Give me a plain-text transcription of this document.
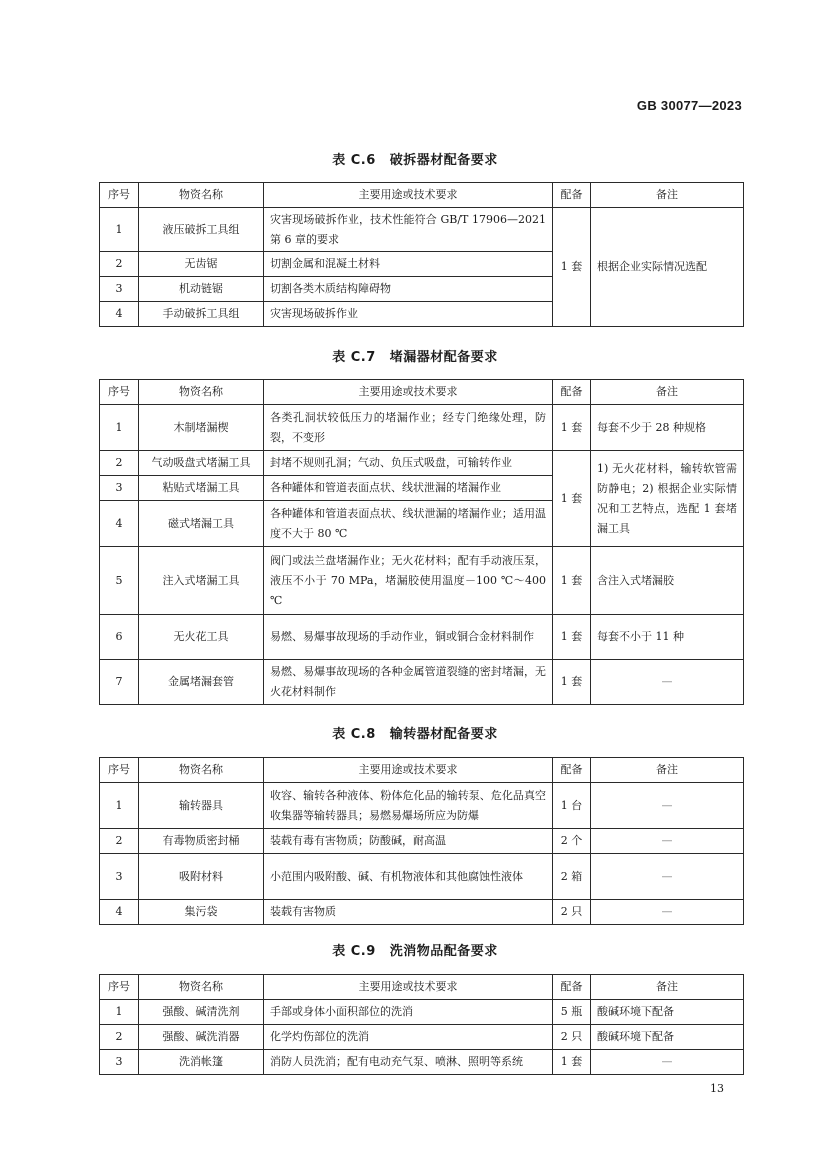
GB 30077—2023
表 C.6 破拆器材配备要求
序号	物资名称	主要用途或技术要求	配备	备注
1	液压破拆工具组	灾害现场破拆作业，技术性能符合 GB/T 17906—2021 第 6 章的要求	1 套	根据企业实际情况选配
2	无齿锯	切割金属和混凝土材料		
3	机动链锯	切割各类木质结构障碍物		
4	手动破拆工具组	灾害现场破拆作业		
表 C.7 堵漏器材配备要求
序号	物资名称	主要用途或技术要求	配备	备注
1	木制堵漏楔	各类孔洞状较低压力的堵漏作业；经专门绝缘处理，防裂，不变形	1 套	每套不少于 28 种规格
2	气动吸盘式堵漏工具	封堵不规则孔洞；气动、负压式吸盘，可输转作业	1 套	1) 无火花材料，输转软管需防静电；2) 根据企业实际情况和工艺特点，选配 1 套堵漏工具
3	粘贴式堵漏工具	各种罐体和管道表面点状、线状泄漏的堵漏作业		
4	磁式堵漏工具	各种罐体和管道表面点状、线状泄漏的堵漏作业；适用温度不大于 80 ℃		
5	注入式堵漏工具	阀门或法兰盘堵漏作业；无火花材料；配有手动液压泵，液压不小于 70 MPa，堵漏胶使用温度－100 ℃～400 ℃	1 套	含注入式堵漏胶
6	无火花工具	易燃、易爆事故现场的手动作业，铜或铜合金材料制作	1 套	每套不小于 11 种
7	金属堵漏套管	易燃、易爆事故现场的各种金属管道裂缝的密封堵漏，无火花材料制作	1 套	—
表 C.8 输转器材配备要求
序号	物资名称	主要用途或技术要求	配备	备注
1	输转器具	收容、输转各种液体、粉体危化品的输转泵、危化品真空收集器等输转器具；易燃易爆场所应为防爆	1 台	—
2	有毒物质密封桶	装载有毒有害物质；防酸碱，耐高温	2 个	—
3	吸附材料	小范围内吸附酸、碱、有机物液体和其他腐蚀性液体	2 箱	—
4	集污袋	装载有害物质	2 只	—
表 C.9 洗消物品配备要求
序号	物资名称	主要用途或技术要求	配备	备注
1	强酸、碱清洗剂	手部或身体小面积部位的洗消	5 瓶	酸碱环境下配备
2	强酸、碱洗消器	化学灼伤部位的洗消	2 只	酸碱环境下配备
3	洗消帐篷	消防人员洗消；配有电动充气泵、喷淋、照明等系统	1 套	—
13
